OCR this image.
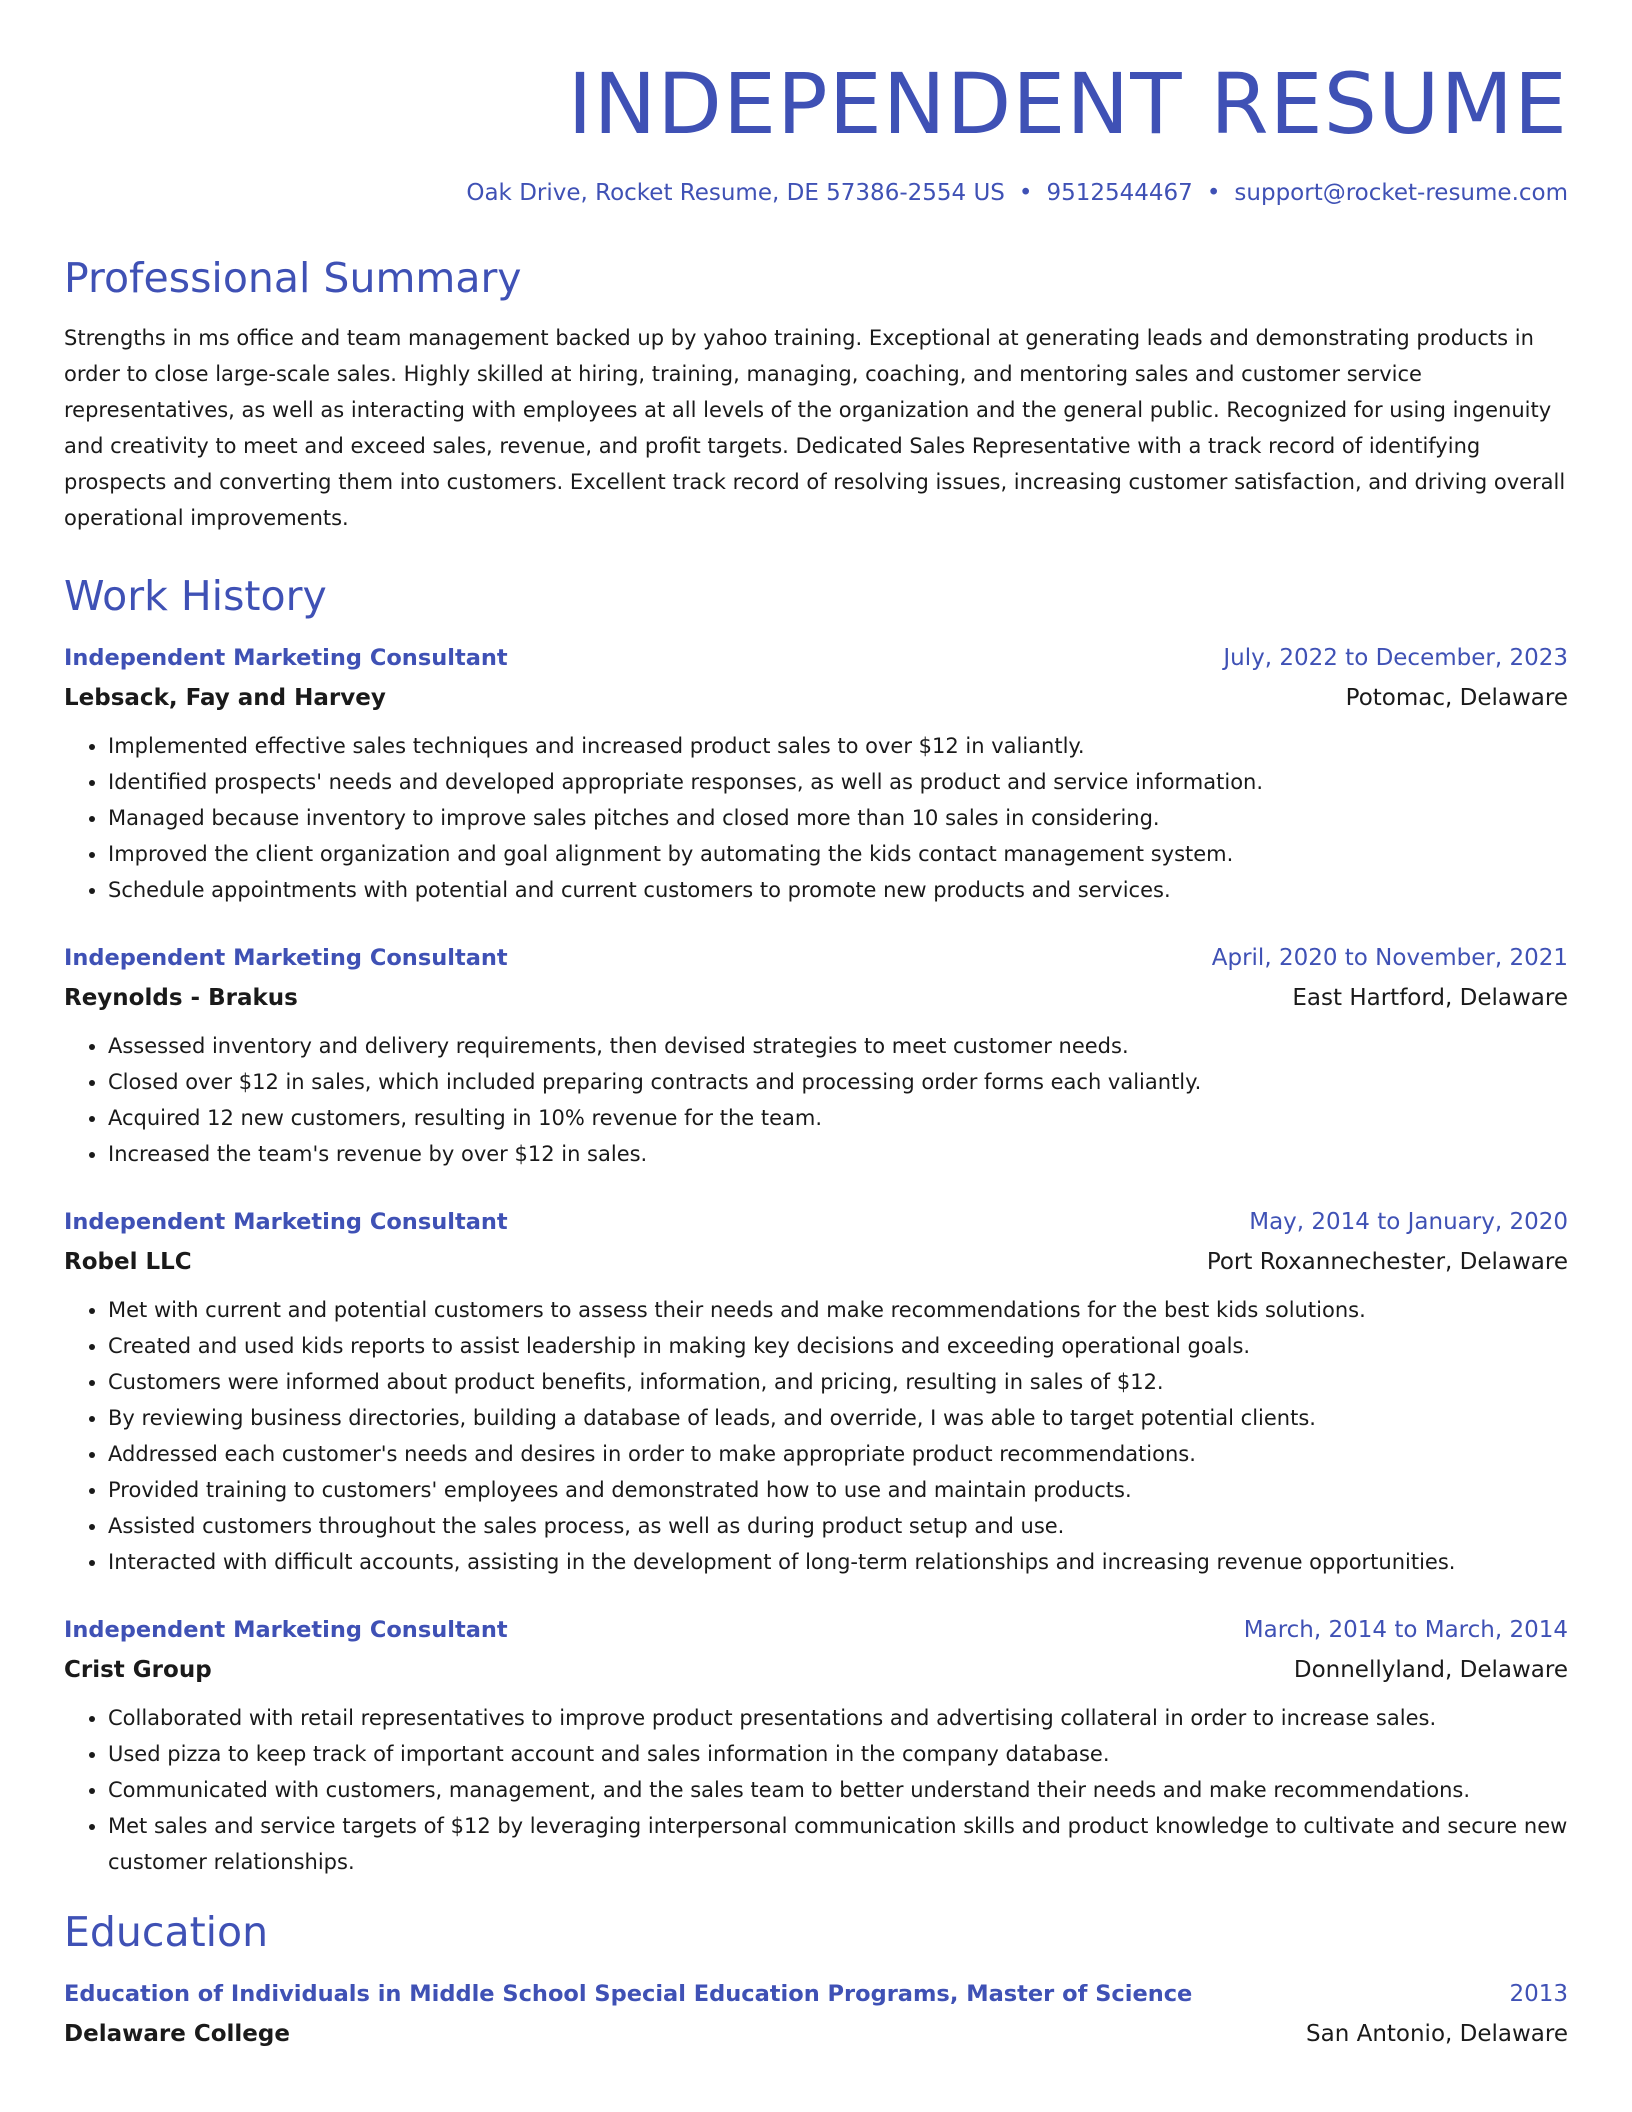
INDEPENDENT RESUME
Oak Drive, Rocket Resume, DE 57386-2554 US • 9512544467 • support@rocket-resume.com
Professional Summary

Strengths in ms office and team management backed up by yahoo training. Exceptional at generating leads and demonstrating products in order to close large-scale sales. Highly skilled at hiring, training, managing, coaching, and mentoring sales and customer service representatives, as well as interacting with employees at all levels of the organization and the general public. Recognized for using ingenuity and creativity to meet and exceed sales, revenue, and profit targets. Dedicated Sales Representative with a track record of identifying prospects and converting them into customers. Excellent track record of resolving issues, increasing customer satisfaction, and driving overall operational improvements.

Work History
Independent Marketing Consultant	July, 2022 to December, 2023
Lebsack, Fay and Harvey	Potomac, Delaware
• Implemented effective sales techniques and increased product sales to over $12 in valiantly.
• Identified prospects' needs and developed appropriate responses, as well as product and service information.
• Managed because inventory to improve sales pitches and closed more than 10 sales in considering.
• Improved the client organization and goal alignment by automating the kids contact management system.
• Schedule appointments with potential and current customers to promote new products and services.
Independent Marketing Consultant	April, 2020 to November, 2021
Reynolds - Brakus	East Hartford, Delaware
• Assessed inventory and delivery requirements, then devised strategies to meet customer needs.
• Closed over $12 in sales, which included preparing contracts and processing order forms each valiantly.
• Acquired 12 new customers, resulting in 10% revenue for the team.
• Increased the team's revenue by over $12 in sales.
Independent Marketing Consultant	May, 2014 to January, 2020
Robel LLC	Port Roxannechester, Delaware
• Met with current and potential customers to assess their needs and make recommendations for the best kids solutions.
• Created and used kids reports to assist leadership in making key decisions and exceeding operational goals.
• Customers were informed about product benefits, information, and pricing, resulting in sales of $12.
• By reviewing business directories, building a database of leads, and override, I was able to target potential clients.
• Addressed each customer's needs and desires in order to make appropriate product recommendations.
• Provided training to customers' employees and demonstrated how to use and maintain products.
• Assisted customers throughout the sales process, as well as during product setup and use.
• Interacted with difficult accounts, assisting in the development of long-term relationships and increasing revenue opportunities.
Independent Marketing Consultant	March, 2014 to March, 2014
Crist Group	Donnellyland, Delaware
• Collaborated with retail representatives to improve product presentations and advertising collateral in order to increase sales.
• Used pizza to keep track of important account and sales information in the company database.
• Communicated with customers, management, and the sales team to better understand their needs and make recommendations.
• Met sales and service targets of $12 by leveraging interpersonal communication skills and product knowledge to cultivate and secure new customer relationships.
Education
Education of Individuals in Middle School Special Education Programs, Master of Science	2013
Delaware College	San Antonio, Delaware
